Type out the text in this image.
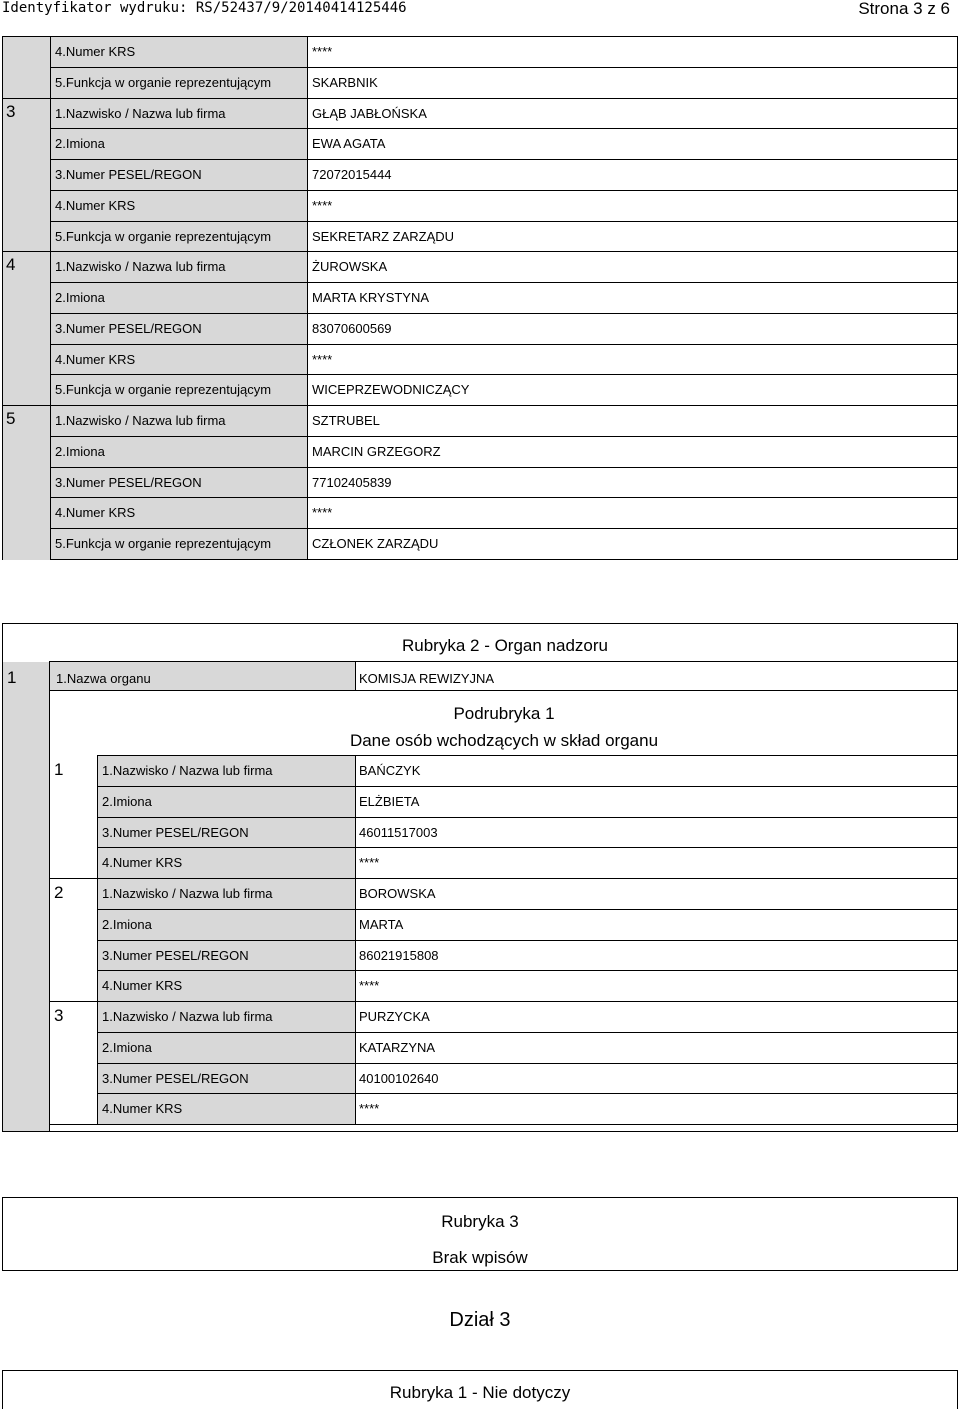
Identyfikator wydruku: RS/52437/9/20140414125446	Strona 3 z 6
4.Numer KRS	****
5.Funkcja w organie reprezentującym	SKARBNIK
3	1.Nazwisko / Nazwa lub firma	GŁĄB JABŁOŃSKA
2.Imiona	EWA AGATA
3.Numer PESEL/REGON	72072015444
4.Numer KRS	****
5.Funkcja w organie reprezentującym	SEKRETARZ ZARZĄDU
4	1.Nazwisko / Nazwa lub firma	ŻUROWSKA
2.Imiona	MARTA KRYSTYNA
3.Numer PESEL/REGON	83070600569
4.Numer KRS	****
5.Funkcja w organie reprezentującym	WICEPRZEWODNICZĄCY
5	1.Nazwisko / Nazwa lub firma	SZTRUBEL
2.Imiona	MARCIN GRZEGORZ
3.Numer PESEL/REGON	77102405839
4.Numer KRS	****
5.Funkcja w organie reprezentującym	CZŁONEK ZARZĄDU
Rubryka 2 - Organ nadzoru
1	1.Nazwa organu	KOMISJA REWIZYJNA
Podrubryka 1
Dane osób wchodzących w skład organu
1	1.Nazwisko / Nazwa lub firma	BAŃCZYK
2.Imiona	ELŻBIETA
3.Numer PESEL/REGON	46011517003
4.Numer KRS	****
2	1.Nazwisko / Nazwa lub firma	BOROWSKA
2.Imiona	MARTA
3.Numer PESEL/REGON	86021915808
4.Numer KRS	****
3	1.Nazwisko / Nazwa lub firma	PURZYCKA
2.Imiona	KATARZYNA
3.Numer PESEL/REGON	40100102640
4.Numer KRS	****
Rubryka 3
Brak wpisów
Dział 3
Rubryka 1 - Nie dotyczy
